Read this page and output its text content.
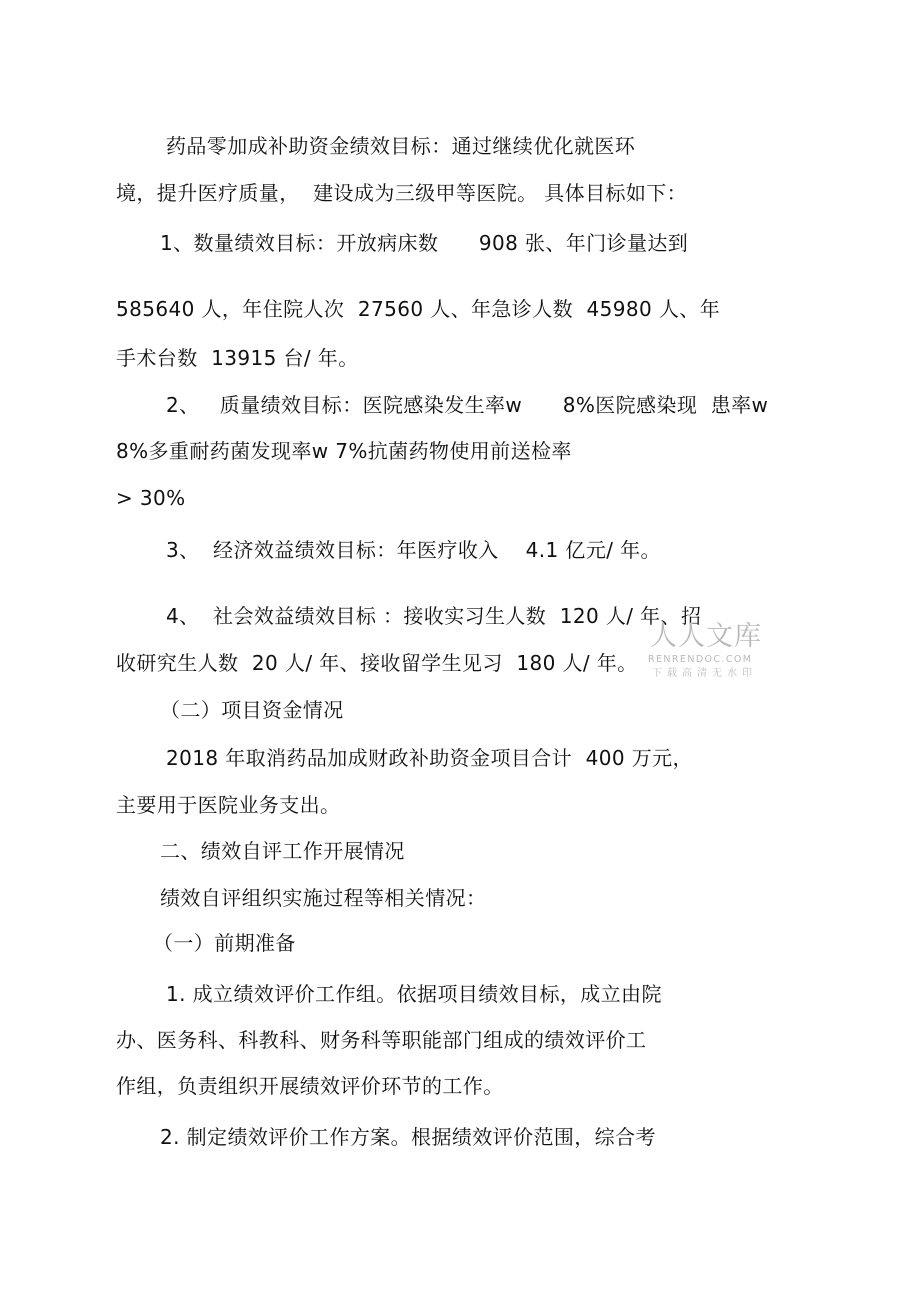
药品零加成补助资金绩效目标：通过继续优化就医环
境，提升医疗质量，  建设成为三级甲等医院。 具体目标如下：
1、数量绩效目标：开放病床数      908 张、年门诊量达到
585640 人，年住院人次  27560 人、年急诊人数  45980 人、年
手术台数  13915 台/ 年。
2、   质量绩效目标：医院感染发生率w      8%医院感染现  患率w
8%多重耐药菌发现率w 7%抗菌药物使用前送检率
> 30%
3、  经济效益绩效目标：年医疗收入    4.1 亿元/ 年。
4、  社会效益绩效目标 ：接收实习生人数  120 人/ 年、招
收研究生人数  20 人/ 年、接收留学生见习  180 人/ 年。
（二）项目资金情况
2018 年取消药品加成财政补助资金项目合计  400 万元，
主要用于医院业务支出。
二、绩效自评工作开展情况
绩效自评组织实施过程等相关情况：
（一）前期准备
1. 成立绩效评价工作组。依据项目绩效目标，成立由院
办、医务科、科教科、财务科等职能部门组成的绩效评价工
作组，负责组织开展绩效评价环节的工作。
2. 制定绩效评价工作方案。根据绩效评价范围，综合考
人人文库
RENRENDOC.COM
下载高清无水印
